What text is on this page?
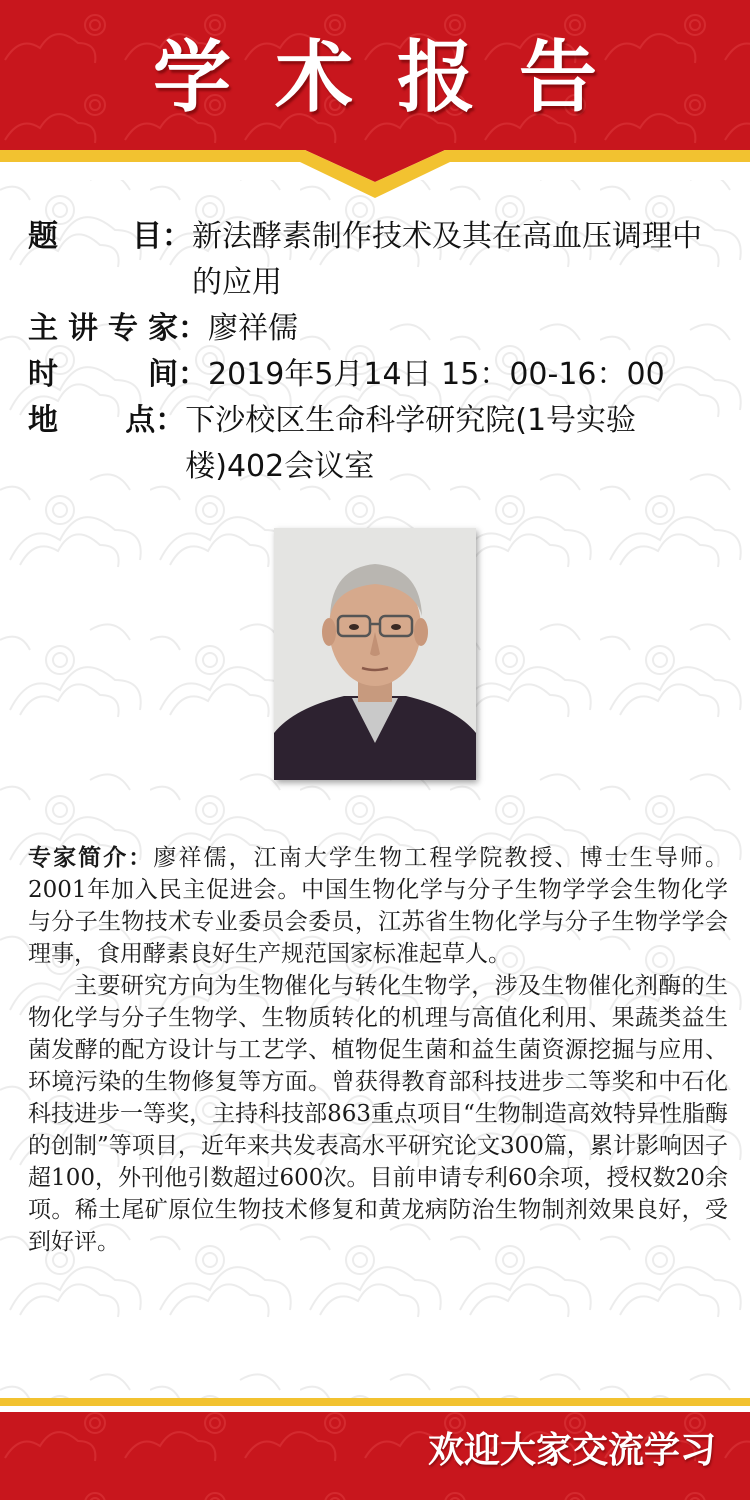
学术报告
题目 ： 新法酵素制作技术及其在高血压调理中的应用
主讲专家 ： 廖祥儒
时间 ： 2019年5月14日 15：00-16：00
地点 ： 下沙校区生命科学研究院(1号实验楼)402会议室

专家简介：廖祥儒，江南大学生物工程学院教授、博士生导师。2001年加入民主促进会。中国生物化学与分子生物学学会生物化学与分子生物技术专业委员会委员，江苏省生物化学与分子生物学学会理事，食用酵素良好生产规范国家标准起草人。

主要研究方向为生物催化与转化生物学，涉及生物催化剂酶的生物化学与分子生物学、生物质转化的机理与高值化利用、果蔬类益生菌发酵的配方设计与工艺学、植物促生菌和益生菌资源挖掘与应用、环境污染的生物修复等方面。曾获得教育部科技进步二等奖和中石化科技进步一等奖，主持科技部863重点项目“生物制造高效特异性脂酶的创制”等项目，近年来共发表高水平研究论文300篇，累计影响因子超100，外刊他引数超过600次。目前申请专利60余项，授权数20余项。稀土尾矿原位生物技术修复和黄龙病防治生物制剂效果良好，受到好评。

欢迎大家交流学习
